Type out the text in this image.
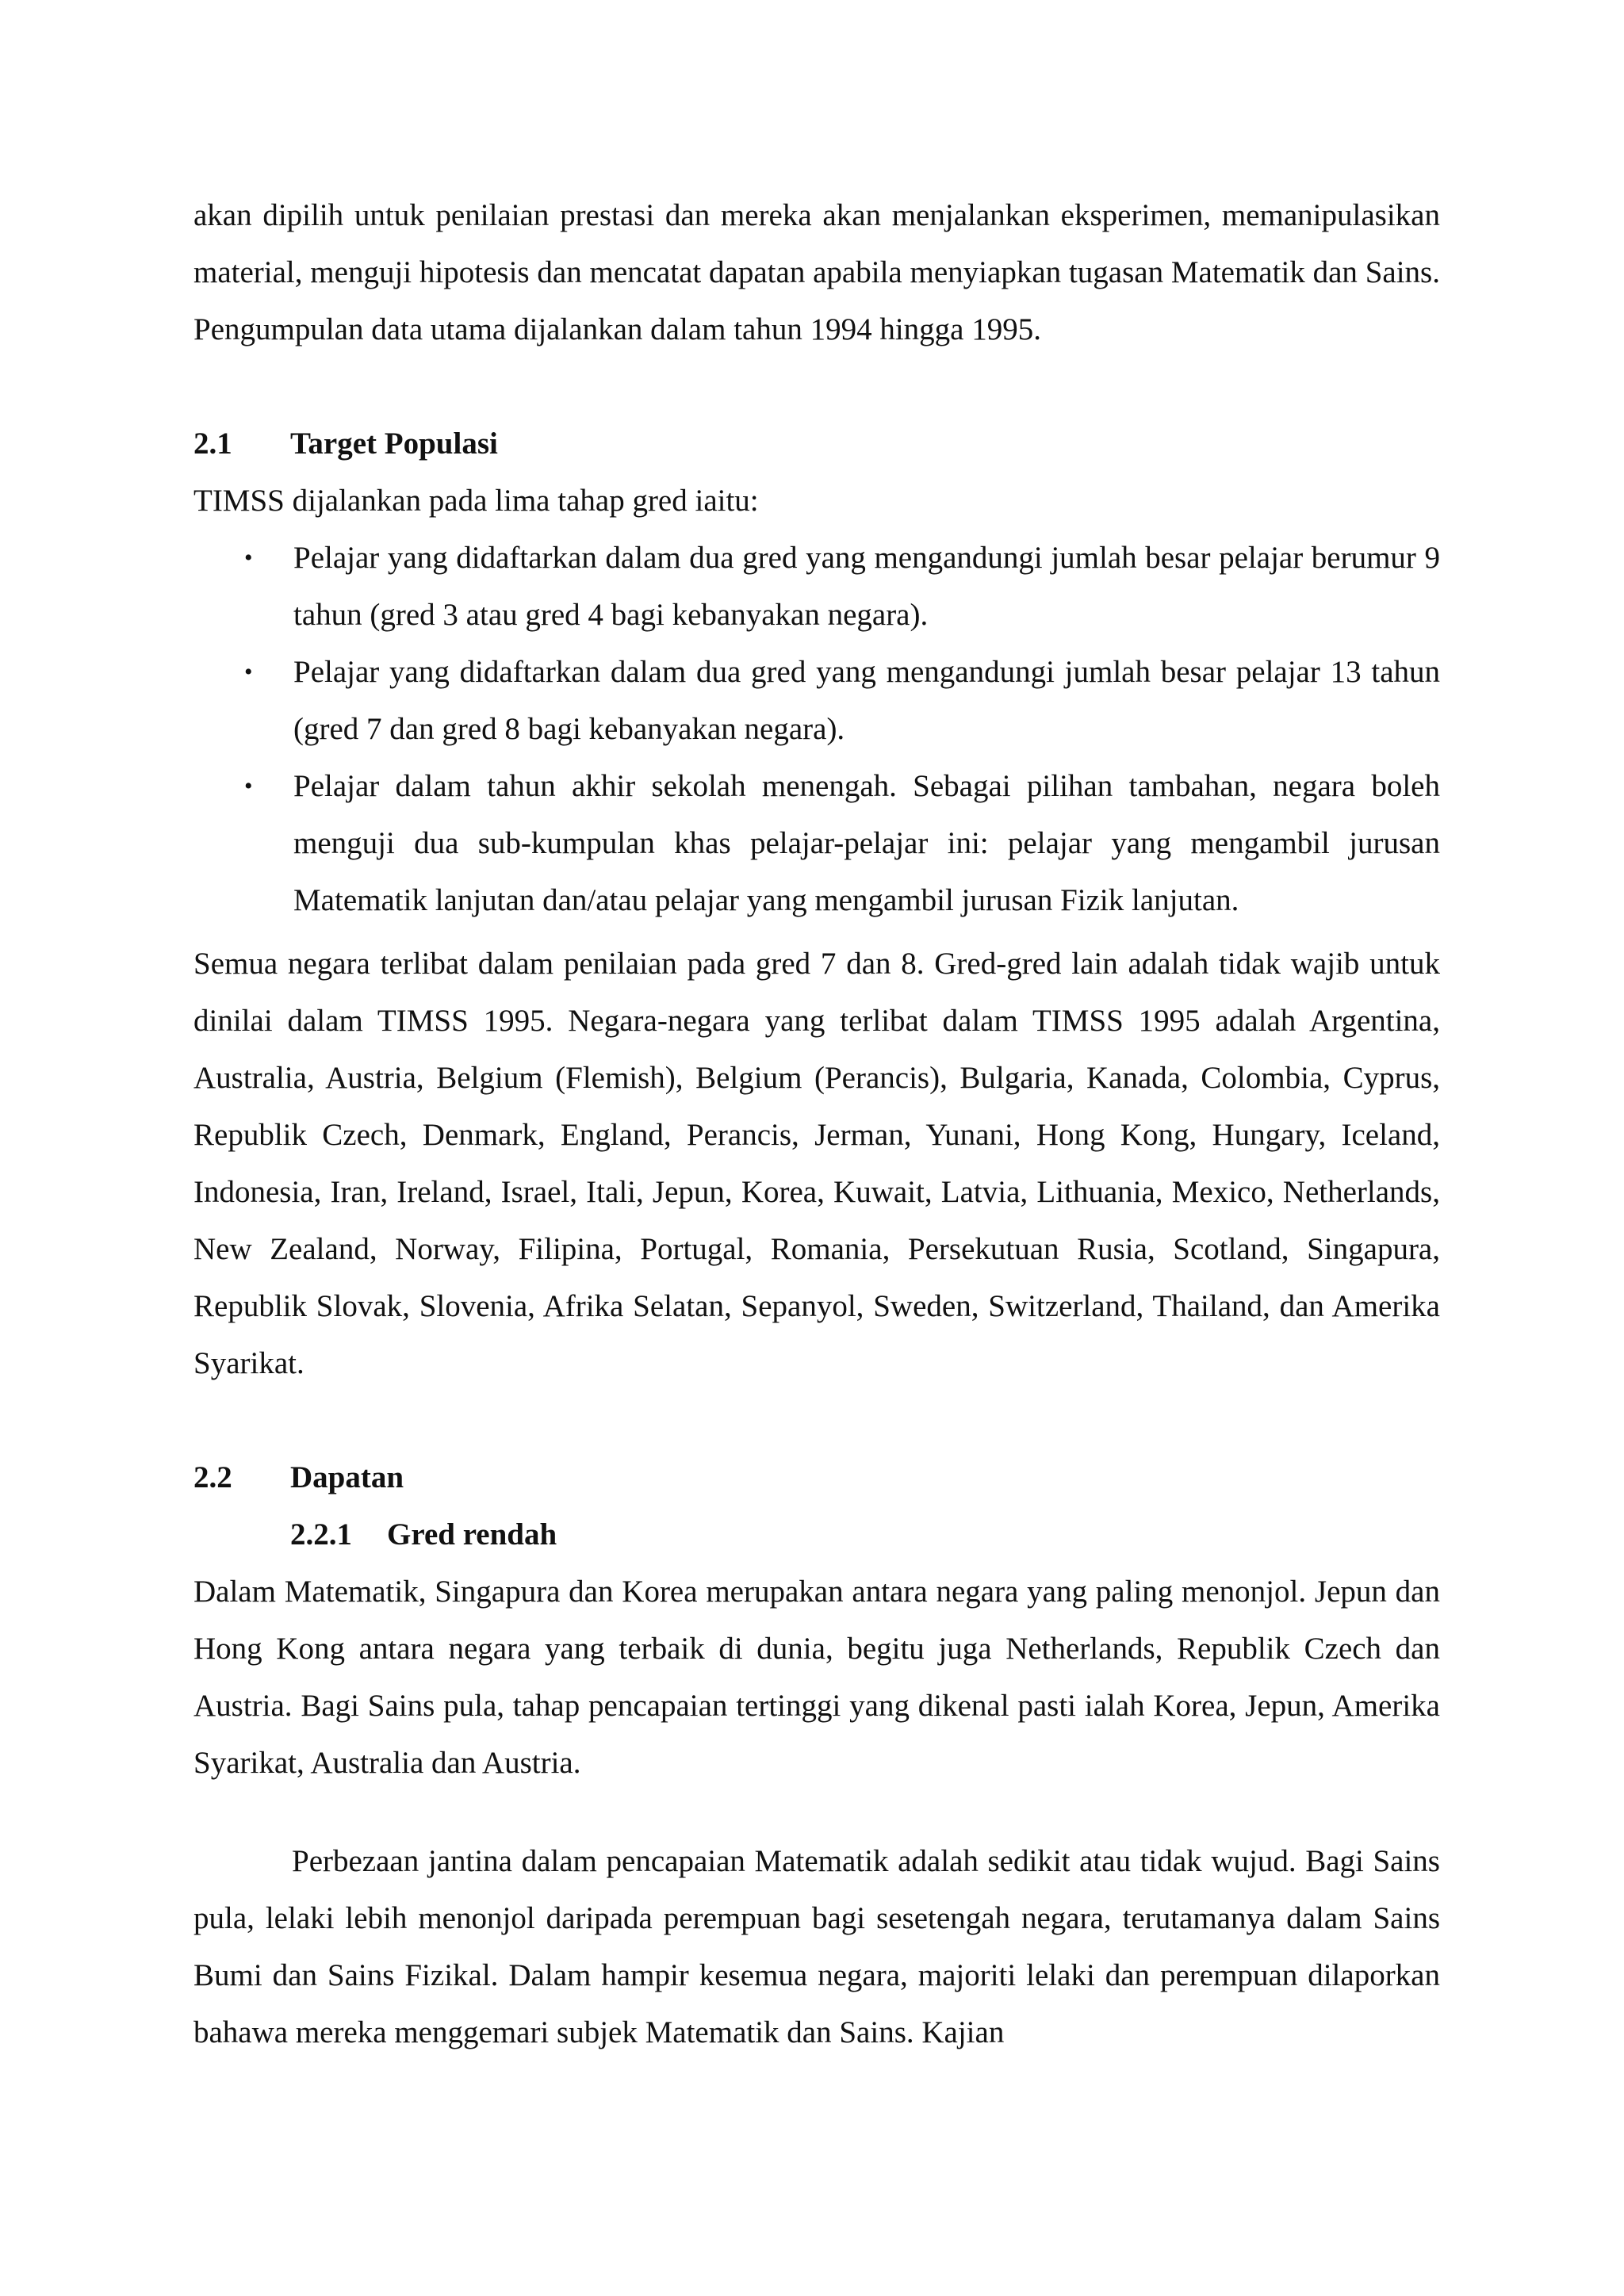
akan dipilih untuk penilaian prestasi dan mereka akan menjalankan eksperimen, memanipulasikan material, menguji hipotesis dan mencatat dapatan apabila menyiapkan tugasan Matematik dan Sains. Pengumpulan data utama dijalankan dalam tahun 1994 hingga 1995.

2.1 Target Populasi

TIMSS dijalankan pada lima tahap gred iaitu:

• Pelajar yang didaftarkan dalam dua gred yang mengandungi jumlah besar pelajar berumur 9 tahun (gred 3 atau gred 4 bagi kebanyakan negara).
• Pelajar yang didaftarkan dalam dua gred yang mengandungi jumlah besar pelajar 13 tahun (gred 7 dan gred 8 bagi kebanyakan negara).
• Pelajar dalam tahun akhir sekolah menengah. Sebagai pilihan tambahan, negara boleh menguji dua sub-kumpulan khas pelajar-pelajar ini: pelajar yang mengambil jurusan Matematik lanjutan dan/atau pelajar yang mengambil jurusan Fizik lanjutan.

Semua negara terlibat dalam penilaian pada gred 7 dan 8. Gred-gred lain adalah tidak wajib untuk dinilai dalam TIMSS 1995. Negara-negara yang terlibat dalam TIMSS 1995 adalah Argentina, Australia, Austria, Belgium (Flemish), Belgium (Perancis), Bulgaria, Kanada, Colombia, Cyprus, Republik Czech, Denmark, England, Perancis, Jerman, Yunani, Hong Kong, Hungary, Iceland, Indonesia, Iran, Ireland, Israel, Itali, Jepun, Korea, Kuwait, Latvia, Lithuania, Mexico, Netherlands, New Zealand, Norway, Filipina, Portugal, Romania, Persekutuan Rusia, Scotland, Singapura, Republik Slovak, Slovenia, Afrika Selatan, Sepanyol, Sweden, Switzerland, Thailand, dan Amerika Syarikat.

2.2 Dapatan
2.2.1 Gred rendah

Dalam Matematik, Singapura dan Korea merupakan antara negara yang paling menonjol. Jepun dan Hong Kong antara negara yang terbaik di dunia, begitu juga Netherlands, Republik Czech dan Austria. Bagi Sains pula, tahap pencapaian tertinggi yang dikenal pasti ialah Korea, Jepun, Amerika Syarikat, Australia dan Austria.

Perbezaan jantina dalam pencapaian Matematik adalah sedikit atau tidak wujud. Bagi Sains pula, lelaki lebih menonjol daripada perempuan bagi sesetengah negara, terutamanya dalam Sains Bumi dan Sains Fizikal. Dalam hampir kesemua negara, majoriti lelaki dan perempuan dilaporkan bahawa mereka menggemari subjek Matematik dan Sains. Kajian
